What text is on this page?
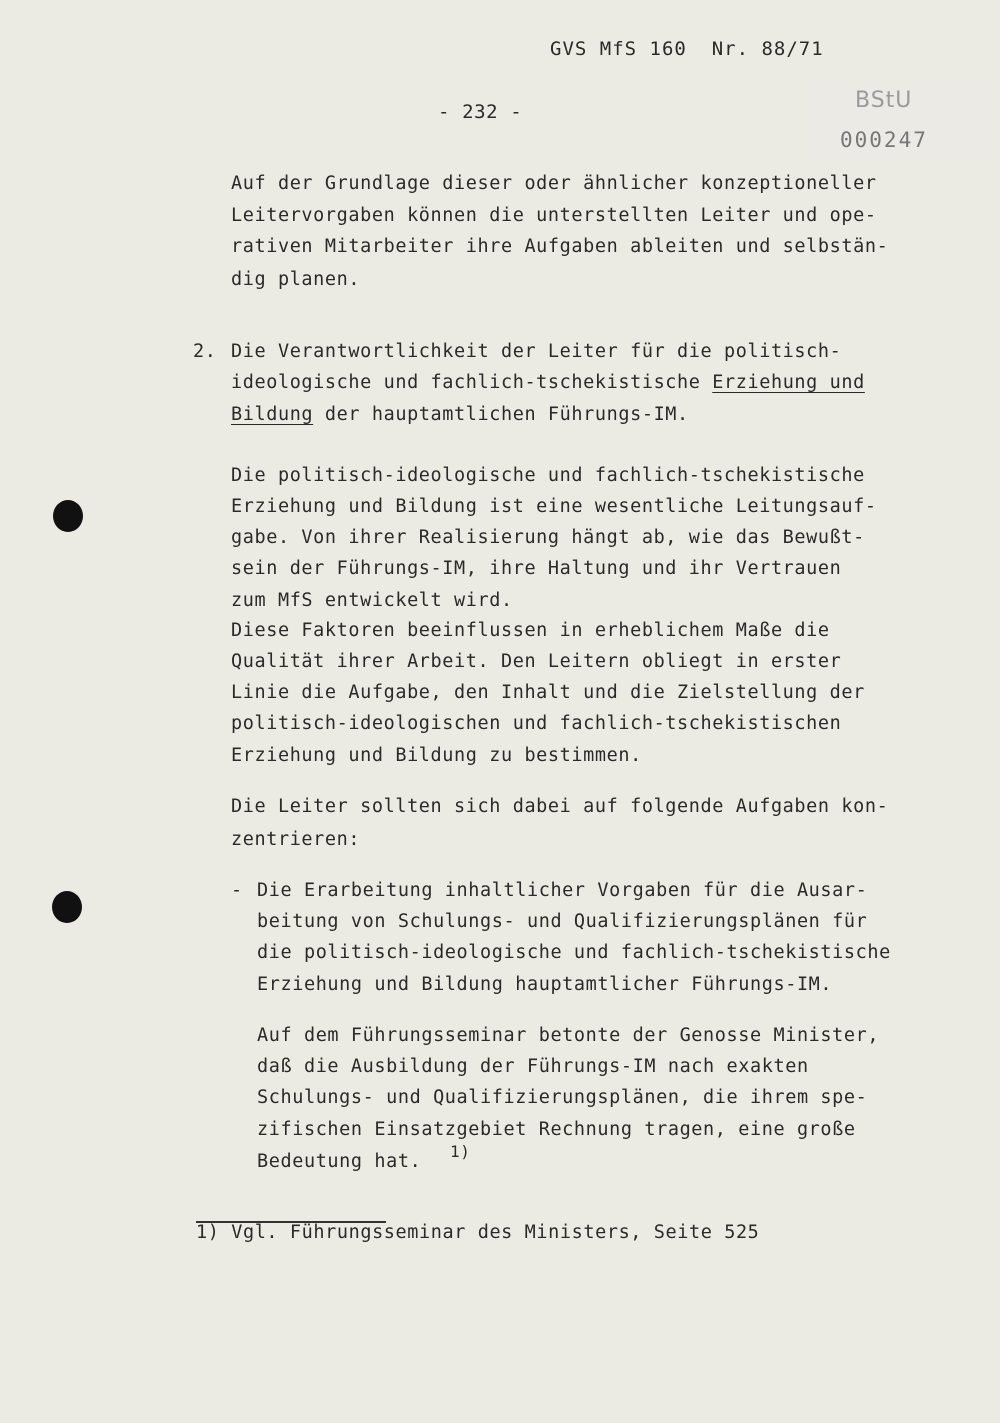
GVS MfS 160  Nr. 88/71
- 232 -	BStU
000247
Auf der Grundlage dieser oder ähnlicher konzeptioneller
Leitervorgaben können die unterstellten Leiter und ope-
rativen Mitarbeiter ihre Aufgaben ableiten und selbstän-
dig planen.
2. Die Verantwortlichkeit der Leiter für die politisch-
ideologische und fachlich-tschekistische Erziehung und
Bildung der hauptamtlichen Führungs-IM.
Die politisch-ideologische und fachlich-tschekistische
Erziehung und Bildung ist eine wesentliche Leitungsauf-
gabe. Von ihrer Realisierung hängt ab, wie das Bewußt-
sein der Führungs-IM, ihre Haltung und ihr Vertrauen
zum MfS entwickelt wird.
Diese Faktoren beeinflussen in erheblichem Maße die
Qualität ihrer Arbeit. Den Leitern obliegt in erster
Linie die Aufgabe, den Inhalt und die Zielstellung der
politisch-ideologischen und fachlich-tschekistischen
Erziehung und Bildung zu bestimmen.
Die Leiter sollten sich dabei auf folgende Aufgaben kon-
zentrieren:
- Die Erarbeitung inhaltlicher Vorgaben für die Ausar-
beitung von Schulungs- und Qualifizierungsplänen für
die politisch-ideologische und fachlich-tschekistische
Erziehung und Bildung hauptamtlicher Führungs-IM.
Auf dem Führungsseminar betonte der Genosse Minister,
daß die Ausbildung der Führungs-IM nach exakten
Schulungs- und Qualifizierungsplänen, die ihrem spe-
zifischen Einsatzgebiet Rechnung tragen, eine große
Bedeutung hat. 1)
1) Vgl. Führungsseminar des Ministers, Seite 525
